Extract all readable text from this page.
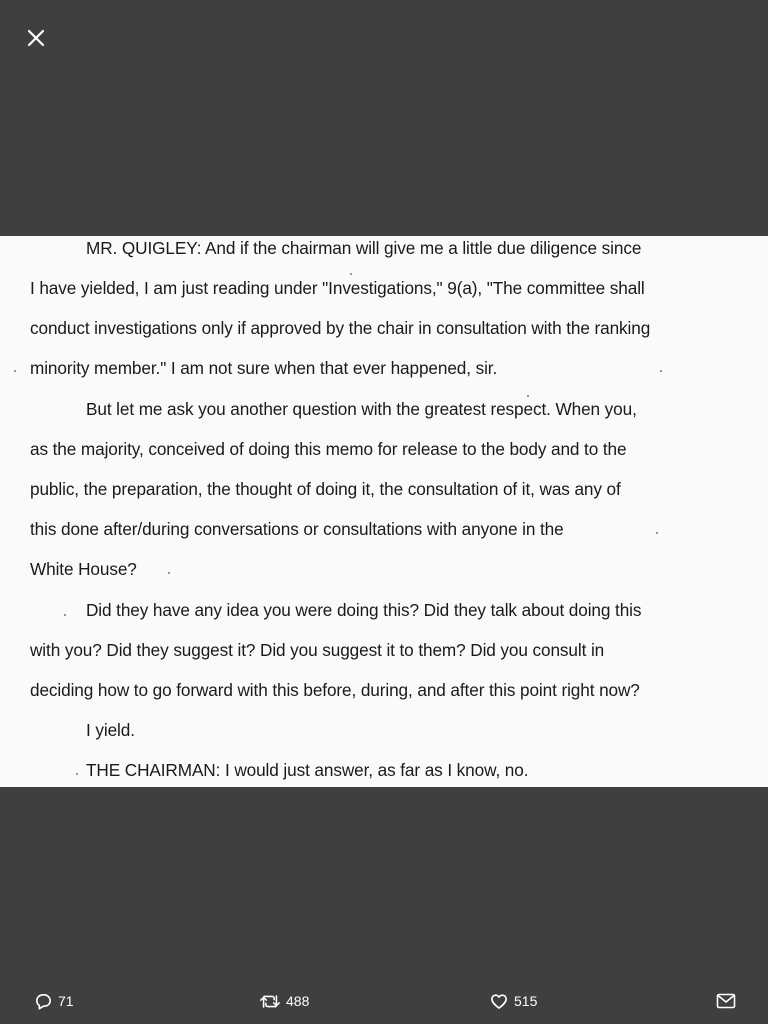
MR. QUIGLEY: And if the chairman will give me a little due diligence since
I have yielded, I am just reading under "Investigations," 9(a), "The committee shall
conduct investigations only if approved by the chair in consultation with the ranking
minority member." I am not sure when that ever happened, sir.
But let me ask you another question with the greatest respect. When you,
as the majority, conceived of doing this memo for release to the body and to the
public, the preparation, the thought of doing it, the consultation of it, was any of
this done after/during conversations or consultations with anyone in the
White House?
Did they have any idea you were doing this? Did they talk about doing this
with you? Did they suggest it? Did you suggest it to them? Did you consult in
deciding how to go forward with this before, during, and after this point right now?
I yield.
THE CHAIRMAN: I would just answer, as far as I know, no.
71	488	515
